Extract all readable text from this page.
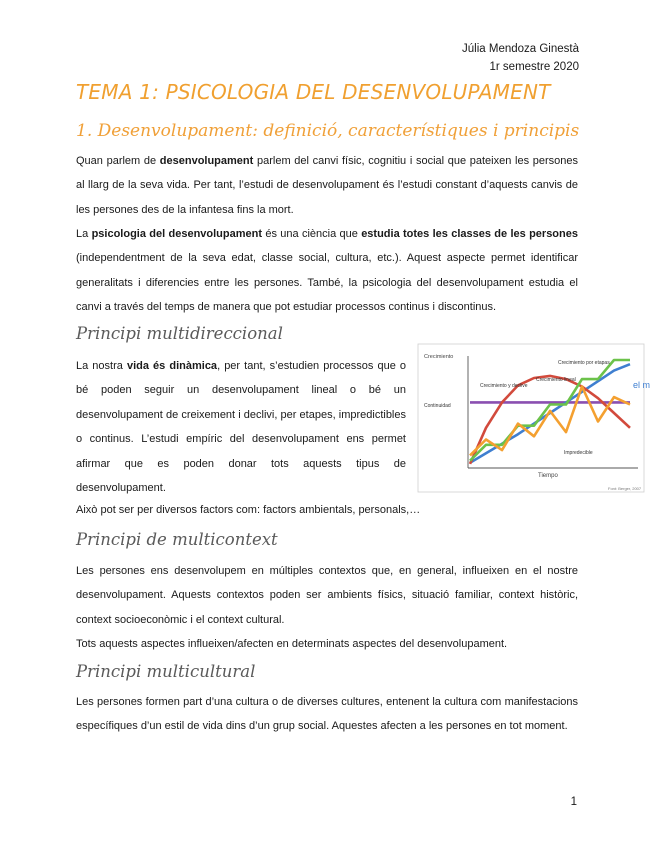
Júlia Mendoza Ginestà
1r semestre 2020
TEMA 1: PSICOLOGIA DEL DESENVOLUPAMENT
1. Desenvolupament: definició, característiques i principis

Quan parlem de desenvolupament parlem del canvi físic, cognitiu i social que pateixen les persones al llarg de la seva vida. Per tant, l’estudi de desenvolupament és l’estudi constant d’aquests canvis de les persones des de la infantesa fins la mort.

La psicologia del desenvolupament és una ciència que estudia totes les classes de les persones (independentment de la seva edat, classe social, cultura, etc.). Aquest aspecte permet identificar generalitats i diferencies entre les persones. També, la psicologia del desenvolupament estudia el canvi a través del temps de manera que pot estudiar processos continus i discontinus.

Principi multidireccional

La nostra vida és dinàmica, per tant, s’estudien processos que o bé poden seguir un desenvolupament lineal o bé un desenvolupament de creixement i declivi, per etapes, impredictibles o continus. L’estudi empíric del desenvolupament ens permet afirmar que es poden donar tots aquests tipus de desenvolupament.

Això pot ser per diversos factors com: factors ambientals, personals,…

Crecimiento
Tiempo
Font: Berger, 2007
Crecimiento y declive
Crecimiento lineal
Crecimiento por etapas
Continuidad
Impredecible
el m
Principi de multicontext

Les persones ens desenvolupem en múltiples contextos que, en general, influeixen en el nostre desenvolupament. Aquests contextos poden ser ambients físics, situació familiar, context històric, context socioeconòmic i el context cultural.

Tots aquests aspectes influeixen/afecten en determinats aspectes del desenvolupament.

Principi multicultural

Les persones formen part d’una cultura o de diverses cultures, entenent la cultura com manifestacions específiques d’un estil de vida dins d’un grup social. Aquestes afecten a les persones en tot moment.

1
